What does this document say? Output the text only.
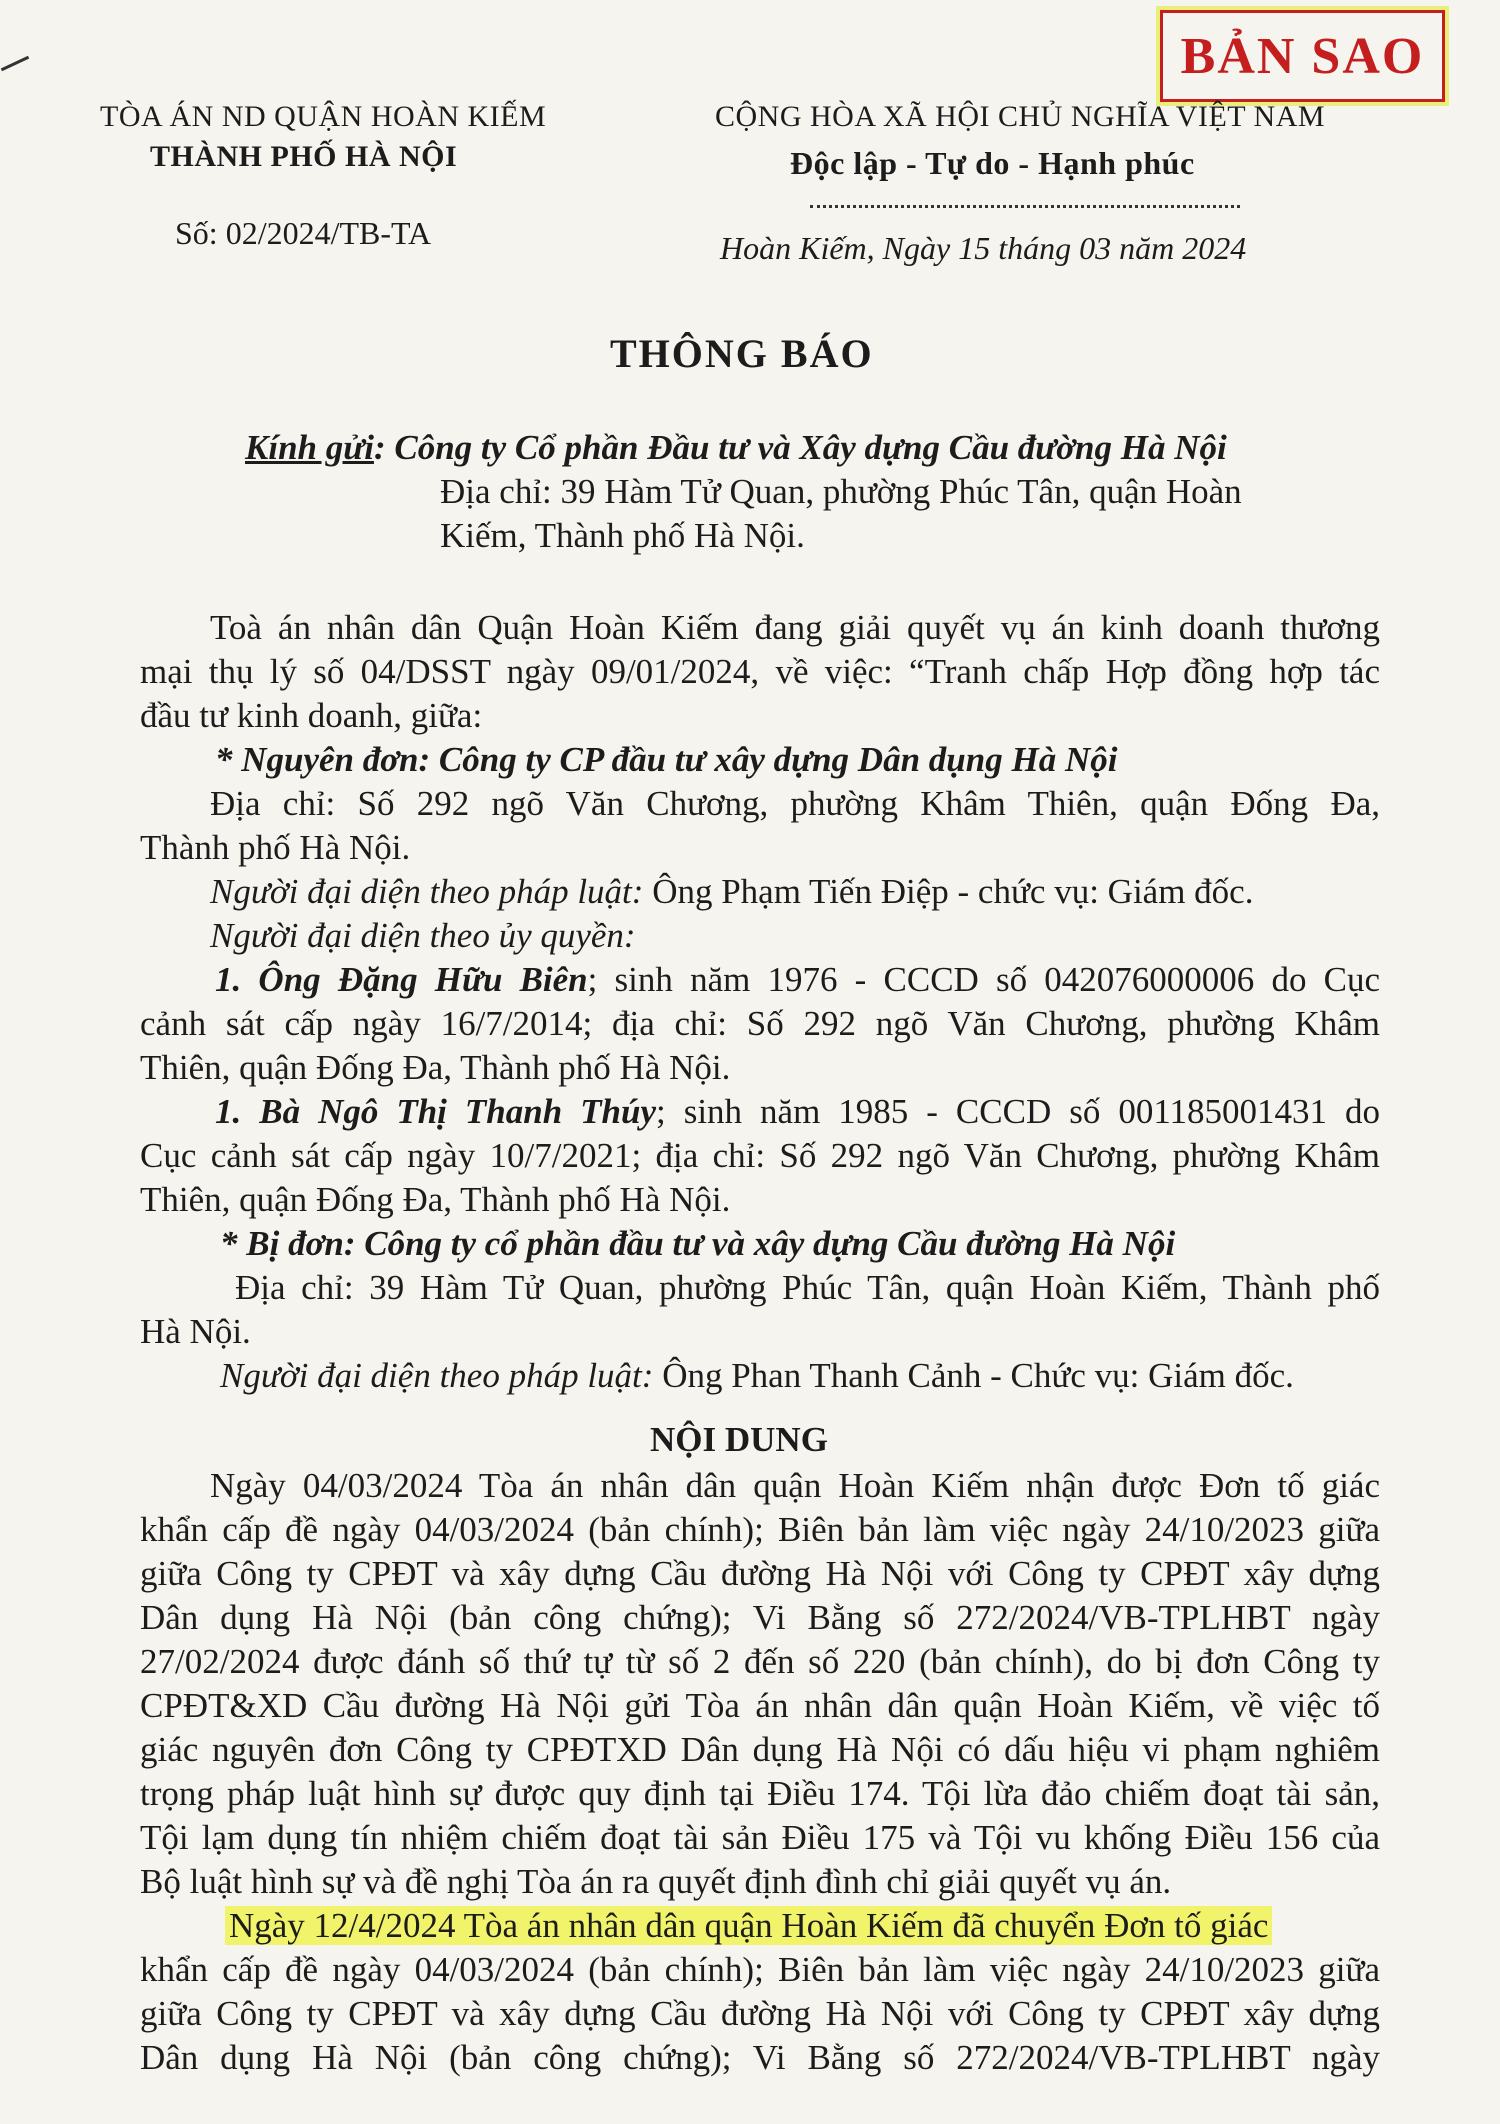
BẢN SAO
TÒA ÁN ND QUẬN HOÀN KIẾM
THÀNH PHỐ HÀ NỘI
Số: 02/2024/TB-TA
CỘNG HÒA XÃ HỘI CHỦ NGHĨA VIỆT NAM
Độc lập - Tự do - Hạnh phúc
Hoàn Kiếm, Ngày 15 tháng 03 năm 2024
THÔNG BÁO
Kính gửi: Công ty Cổ phần Đầu tư và Xây dựng Cầu đường Hà Nội
Địa chỉ: 39 Hàm Tử Quan, phường Phúc Tân, quận Hoàn
Kiếm, Thành phố Hà Nội.
Toà án nhân dân Quận Hoàn Kiếm đang giải quyết vụ án kinh doanh thương
mại thụ lý số 04/DSST ngày 09/01/2024, về việc: “Tranh chấp Hợp đồng hợp tác
đầu tư kinh doanh, giữa:
* Nguyên đơn: Công ty CP đầu tư xây dựng Dân dụng Hà Nội
Địa chỉ: Số 292 ngõ Văn Chương, phường Khâm Thiên, quận Đống Đa,
Thành phố Hà Nội.
Người đại diện theo pháp luật: Ông Phạm Tiến Điệp - chức vụ: Giám đốc.
Người đại diện theo ủy quyền:
1. Ông Đặng Hữu Biên; sinh năm 1976 - CCCD số 042076000006 do Cục
cảnh sát cấp ngày 16/7/2014; địa chỉ: Số 292 ngõ Văn Chương, phường Khâm
Thiên, quận Đống Đa, Thành phố Hà Nội.
1. Bà Ngô Thị Thanh Thúy; sinh năm 1985 - CCCD số 001185001431 do
Cục cảnh sát cấp ngày 10/7/2021; địa chỉ: Số 292 ngõ Văn Chương, phường Khâm
Thiên, quận Đống Đa, Thành phố Hà Nội.
* Bị đơn: Công ty cổ phần đầu tư và xây dựng Cầu đường Hà Nội
Địa chỉ: 39 Hàm Tử Quan, phường Phúc Tân, quận Hoàn Kiếm, Thành phố
Hà Nội.
Người đại diện theo pháp luật: Ông Phan Thanh Cảnh - Chức vụ: Giám đốc.
NỘI DUNG
Ngày 04/03/2024 Tòa án nhân dân quận Hoàn Kiếm nhận được Đơn tố giác
khẩn cấp đề ngày 04/03/2024 (bản chính); Biên bản làm việc ngày 24/10/2023 giữa
giữa Công ty CPĐT và xây dựng Cầu đường Hà Nội với Công ty CPĐT xây dựng
Dân dụng Hà Nội (bản công chứng); Vi Bằng số 272/2024/VB-TPLHBT ngày
27/02/2024 được đánh số thứ tự từ số 2 đến số 220 (bản chính), do bị đơn Công ty
CPĐT&XD Cầu đường Hà Nội gửi Tòa án nhân dân quận Hoàn Kiếm, về việc tố
giác nguyên đơn Công ty CPĐTXD Dân dụng Hà Nội có dấu hiệu vi phạm nghiêm
trọng pháp luật hình sự được quy định tại Điều 174. Tội lừa đảo chiếm đoạt tài sản,
Tội lạm dụng tín nhiệm chiếm đoạt tài sản Điều 175 và Tội vu khống Điều 156 của
Bộ luật hình sự và đề nghị Tòa án ra quyết định đình chỉ giải quyết vụ án.
Ngày 12/4/2024 Tòa án nhân dân quận Hoàn Kiếm đã chuyển Đơn tố giác
khẩn cấp đề ngày 04/03/2024 (bản chính); Biên bản làm việc ngày 24/10/2023 giữa
giữa Công ty CPĐT và xây dựng Cầu đường Hà Nội với Công ty CPĐT xây dựng
Dân dụng Hà Nội (bản công chứng); Vi Bằng số 272/2024/VB-TPLHBT ngày
